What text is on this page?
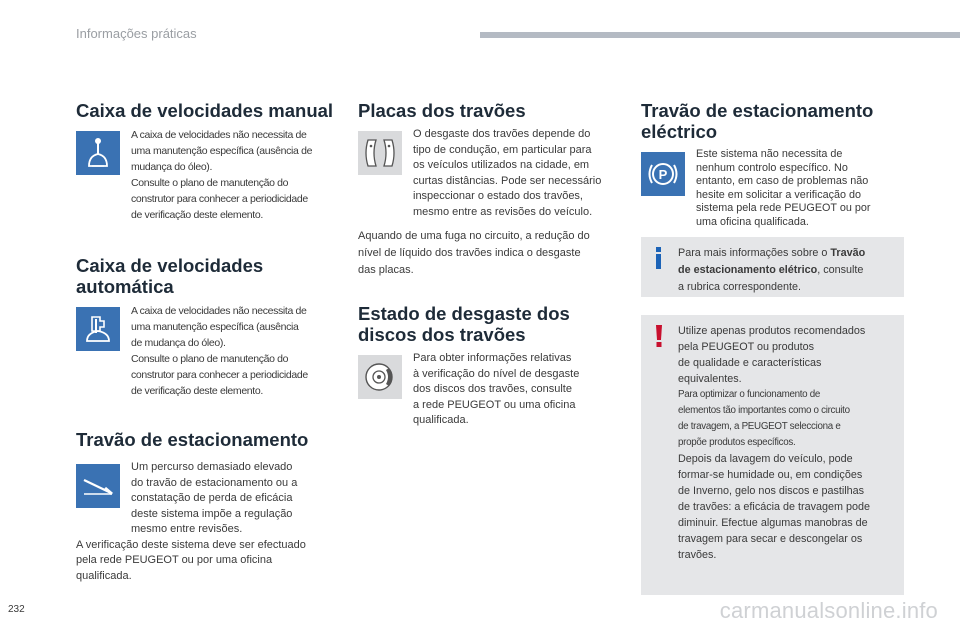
Informações práticas
Caixa de velocidades manual
A caixa de velocidades não necessita de
uma manutenção específica (ausência de
mudança do óleo).
Consulte o plano de manutenção do
construtor para conhecer a periodicidade
de verificação deste elemento.
Caixa de velocidades
automática
A caixa de velocidades não necessita de
uma manutenção específica (ausência
de mudança do óleo).
Consulte o plano de manutenção do
construtor para conhecer a periodicidade
de verificação deste elemento.
Travão de estacionamento
Um percurso demasiado elevado
do travão de estacionamento ou a
constatação de perda de eficácia
deste sistema impõe a regulação
mesmo entre revisões.
A verificação deste sistema deve ser efectuado
pela rede PEUGEOT ou por uma oficina
qualificada.
Placas dos travões
O desgaste dos travões depende do
tipo de condução, em particular para
os veículos utilizados na cidade, em
curtas distâncias. Pode ser necessário
inspeccionar o estado dos travões,
mesmo entre as revisões do veículo.
Aquando de uma fuga no circuito, a redução do
nível de líquido dos travões indica o desgaste
das placas.
Estado de desgaste dos
discos dos travões
Para obter informações relativas
à verificação do nível de desgaste
dos discos dos travões, consulte
a rede PEUGEOT ou uma oficina
qualificada.
Travão de estacionamento
eléctrico
P
Este sistema não necessita de
nenhum controlo específico. No
entanto, em caso de problemas não
hesite em solicitar a verificação do
sistema pela rede PEUGEOT ou por
uma oficina qualificada.
Para mais informações sobre o Travão
de estacionamento elétrico, consulte
a rubrica correspondente.
Utilize apenas produtos recomendados
pela PEUGEOT ou produtos
de qualidade e características
equivalentes.
Para optimizar o funcionamento de
elementos tão importantes como o circuito
de travagem, a PEUGEOT selecciona e
propõe produtos específicos.
Depois da lavagem do veículo, pode
formar-se humidade ou, em condições
de Inverno, gelo nos discos e pastilhas
de travões: a eficácia de travagem pode
diminuir. Efectue algumas manobras de
travagem para secar e descongelar os
travões.
232	carmanualsonline.info
